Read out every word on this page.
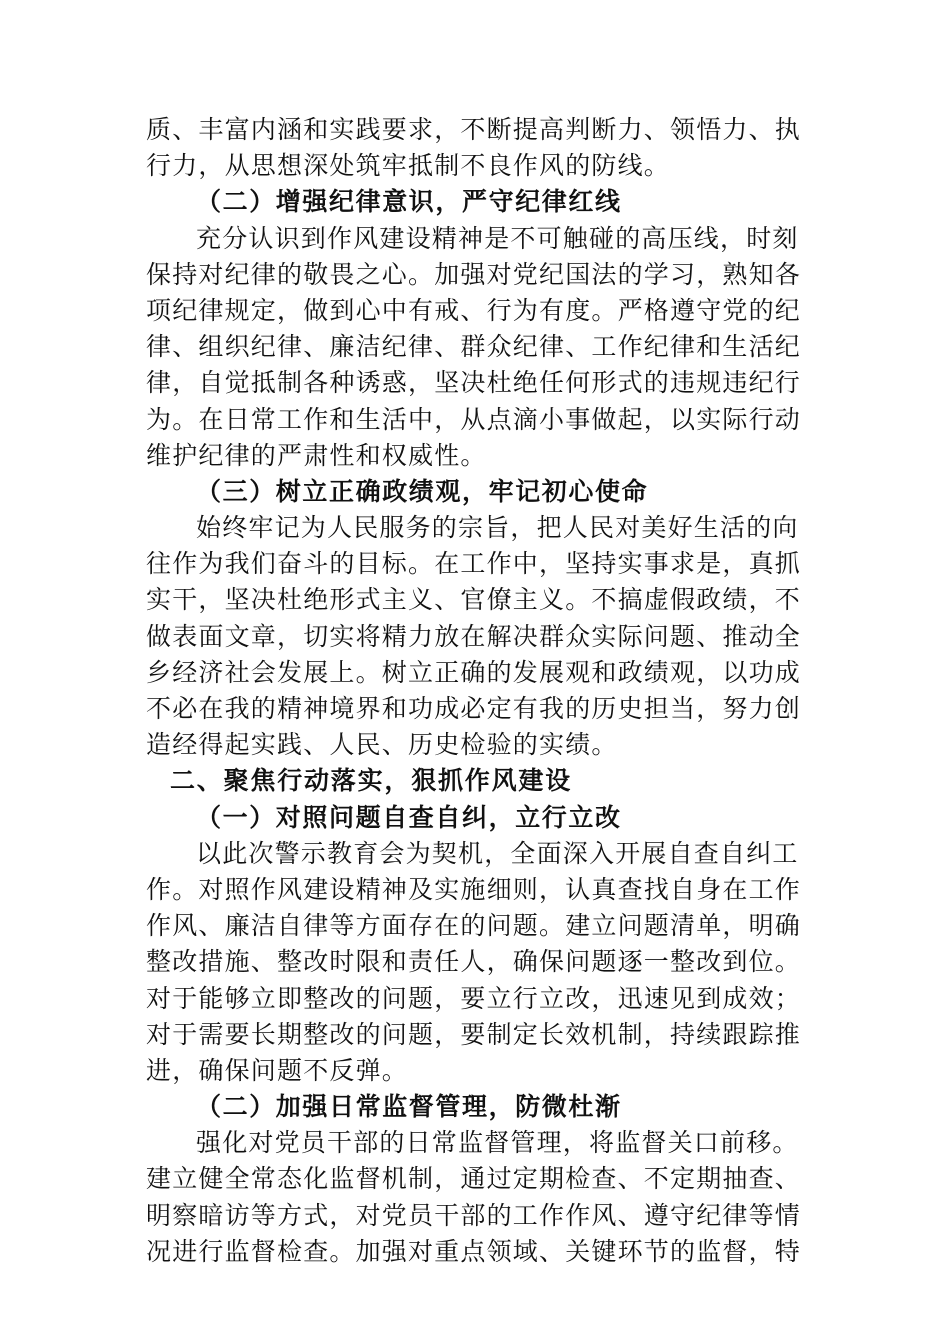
质、丰富内涵和实践要求，不断提高判断力、领悟力、执
行力，从思想深处筑牢抵制不良作风的防线。
（二）增强纪律意识，严守纪律红线
充分认识到作风建设精神是不可触碰的高压线，时刻
保持对纪律的敬畏之心。加强对党纪国法的学习，熟知各
项纪律规定，做到心中有戒、行为有度。严格遵守党的纪
律、组织纪律、廉洁纪律、群众纪律、工作纪律和生活纪
律，自觉抵制各种诱惑，坚决杜绝任何形式的违规违纪行
为。在日常工作和生活中，从点滴小事做起，以实际行动
维护纪律的严肃性和权威性。
（三）树立正确政绩观，牢记初心使命
始终牢记为人民服务的宗旨，把人民对美好生活的向
往作为我们奋斗的目标。在工作中，坚持实事求是，真抓
实干，坚决杜绝形式主义、官僚主义。不搞虚假政绩，不
做表面文章，切实将精力放在解决群众实际问题、推动全
乡经济社会发展上。树立正确的发展观和政绩观，以功成
不必在我的精神境界和功成必定有我的历史担当，努力创
造经得起实践、人民、历史检验的实绩。
二、聚焦行动落实，狠抓作风建设
（一）对照问题自查自纠，立行立改
以此次警示教育会为契机，全面深入开展自查自纠工
作。对照作风建设精神及实施细则，认真查找自身在工作
作风、廉洁自律等方面存在的问题。建立问题清单，明确
整改措施、整改时限和责任人，确保问题逐一整改到位。
对于能够立即整改的问题，要立行立改，迅速见到成效；
对于需要长期整改的问题，要制定长效机制，持续跟踪推
进，确保问题不反弹。
（二）加强日常监督管理，防微杜渐
强化对党员干部的日常监督管理，将监督关口前移。
建立健全常态化监督机制，通过定期检查、不定期抽查、
明察暗访等方式，对党员干部的工作作风、遵守纪律等情
况进行监督检查。加强对重点领域、关键环节的监督，特
